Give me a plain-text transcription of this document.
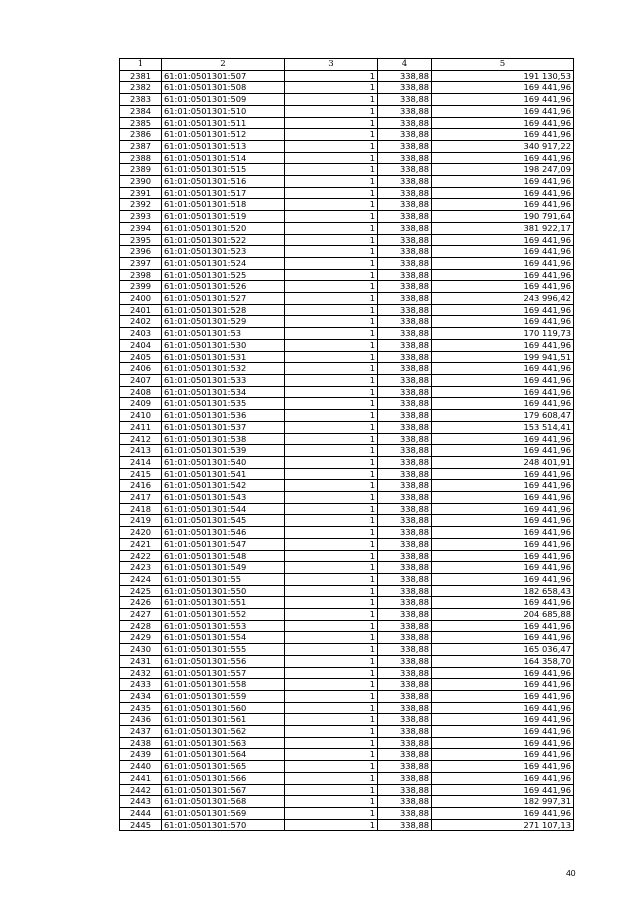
1	2	3	4	5
2381	61:01:0501301:507	1	338,88	191 130,53
2382	61:01:0501301:508	1	338,88	169 441,96
2383	61:01:0501301:509	1	338,88	169 441,96
2384	61:01:0501301:510	1	338,88	169 441,96
2385	61:01:0501301:511	1	338,88	169 441,96
2386	61:01:0501301:512	1	338,88	169 441,96
2387	61:01:0501301:513	1	338,88	340 917,22
2388	61:01:0501301:514	1	338,88	169 441,96
2389	61:01:0501301:515	1	338,88	198 247,09
2390	61:01:0501301:516	1	338,88	169 441,96
2391	61:01:0501301:517	1	338,88	169 441,96
2392	61:01:0501301:518	1	338,88	169 441,96
2393	61:01:0501301:519	1	338,88	190 791,64
2394	61:01:0501301:520	1	338,88	381 922,17
2395	61:01:0501301:522	1	338,88	169 441,96
2396	61:01:0501301:523	1	338,88	169 441,96
2397	61:01:0501301:524	1	338,88	169 441,96
2398	61:01:0501301:525	1	338,88	169 441,96
2399	61:01:0501301:526	1	338,88	169 441,96
2400	61:01:0501301:527	1	338,88	243 996,42
2401	61:01:0501301:528	1	338,88	169 441,96
2402	61:01:0501301:529	1	338,88	169 441,96
2403	61:01:0501301:53	1	338,88	170 119,73
2404	61:01:0501301:530	1	338,88	169 441,96
2405	61:01:0501301:531	1	338,88	199 941,51
2406	61:01:0501301:532	1	338,88	169 441,96
2407	61:01:0501301:533	1	338,88	169 441,96
2408	61:01:0501301:534	1	338,88	169 441,96
2409	61:01:0501301:535	1	338,88	169 441,96
2410	61:01:0501301:536	1	338,88	179 608,47
2411	61:01:0501301:537	1	338,88	153 514,41
2412	61:01:0501301:538	1	338,88	169 441,96
2413	61:01:0501301:539	1	338,88	169 441,96
2414	61:01:0501301:540	1	338,88	248 401,91
2415	61:01:0501301:541	1	338,88	169 441,96
2416	61:01:0501301:542	1	338,88	169 441,96
2417	61:01:0501301:543	1	338,88	169 441,96
2418	61:01:0501301:544	1	338,88	169 441,96
2419	61:01:0501301:545	1	338,88	169 441,96
2420	61:01:0501301:546	1	338,88	169 441,96
2421	61:01:0501301:547	1	338,88	169 441,96
2422	61:01:0501301:548	1	338,88	169 441,96
2423	61:01:0501301:549	1	338,88	169 441,96
2424	61:01:0501301:55	1	338,88	169 441,96
2425	61:01:0501301:550	1	338,88	182 658,43
2426	61:01:0501301:551	1	338,88	169 441,96
2427	61:01:0501301:552	1	338,88	204 685,88
2428	61:01:0501301:553	1	338,88	169 441,96
2429	61:01:0501301:554	1	338,88	169 441,96
2430	61:01:0501301:555	1	338,88	165 036,47
2431	61:01:0501301:556	1	338,88	164 358,70
2432	61:01:0501301:557	1	338,88	169 441,96
2433	61:01:0501301:558	1	338,88	169 441,96
2434	61:01:0501301:559	1	338,88	169 441,96
2435	61:01:0501301:560	1	338,88	169 441,96
2436	61:01:0501301:561	1	338,88	169 441,96
2437	61:01:0501301:562	1	338,88	169 441,96
2438	61:01:0501301:563	1	338,88	169 441,96
2439	61:01:0501301:564	1	338,88	169 441,96
2440	61:01:0501301:565	1	338,88	169 441,96
2441	61:01:0501301:566	1	338,88	169 441,96
2442	61:01:0501301:567	1	338,88	169 441,96
2443	61:01:0501301:568	1	338,88	182 997,31
2444	61:01:0501301:569	1	338,88	169 441,96
2445	61:01:0501301:570	1	338,88	271 107,13
40
